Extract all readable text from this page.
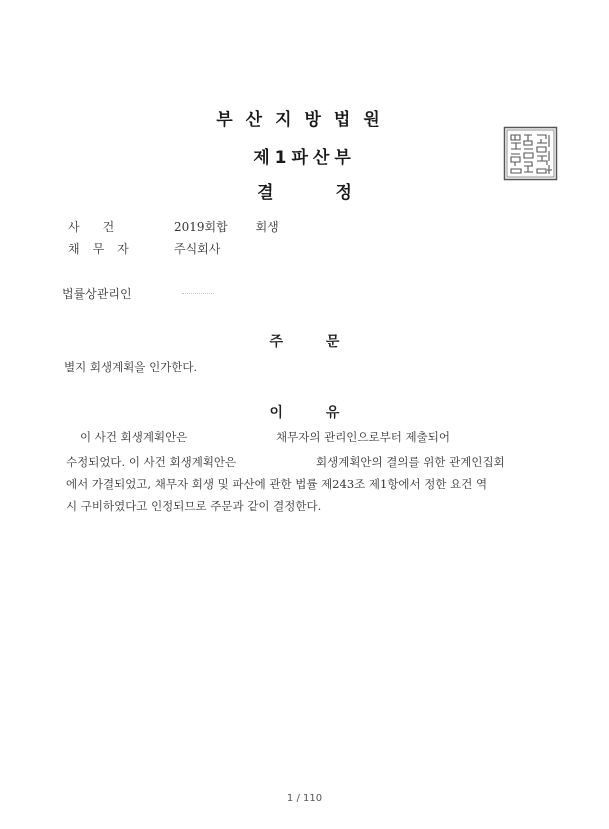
부산지방법원
제1파산부
결정
사건	2019회합 회생
채무자	주식회사
법률상관리인
주 문

별지 회생계획을 인가한다.

이 유

이 사건 회생계획안은	채무자의 관리인으로부터 제출되어

수정되었다. 이 사건 회생계획안은	회생계획안의 결의를 위한 관계인집회

에서 가결되었고, 채무자 회생 및 파산에 관한 법률 제243조 제1항에서 정한 요건 역

시 구비하였다고 인정되므로 주문과 같이 결정한다.

1 / 110
